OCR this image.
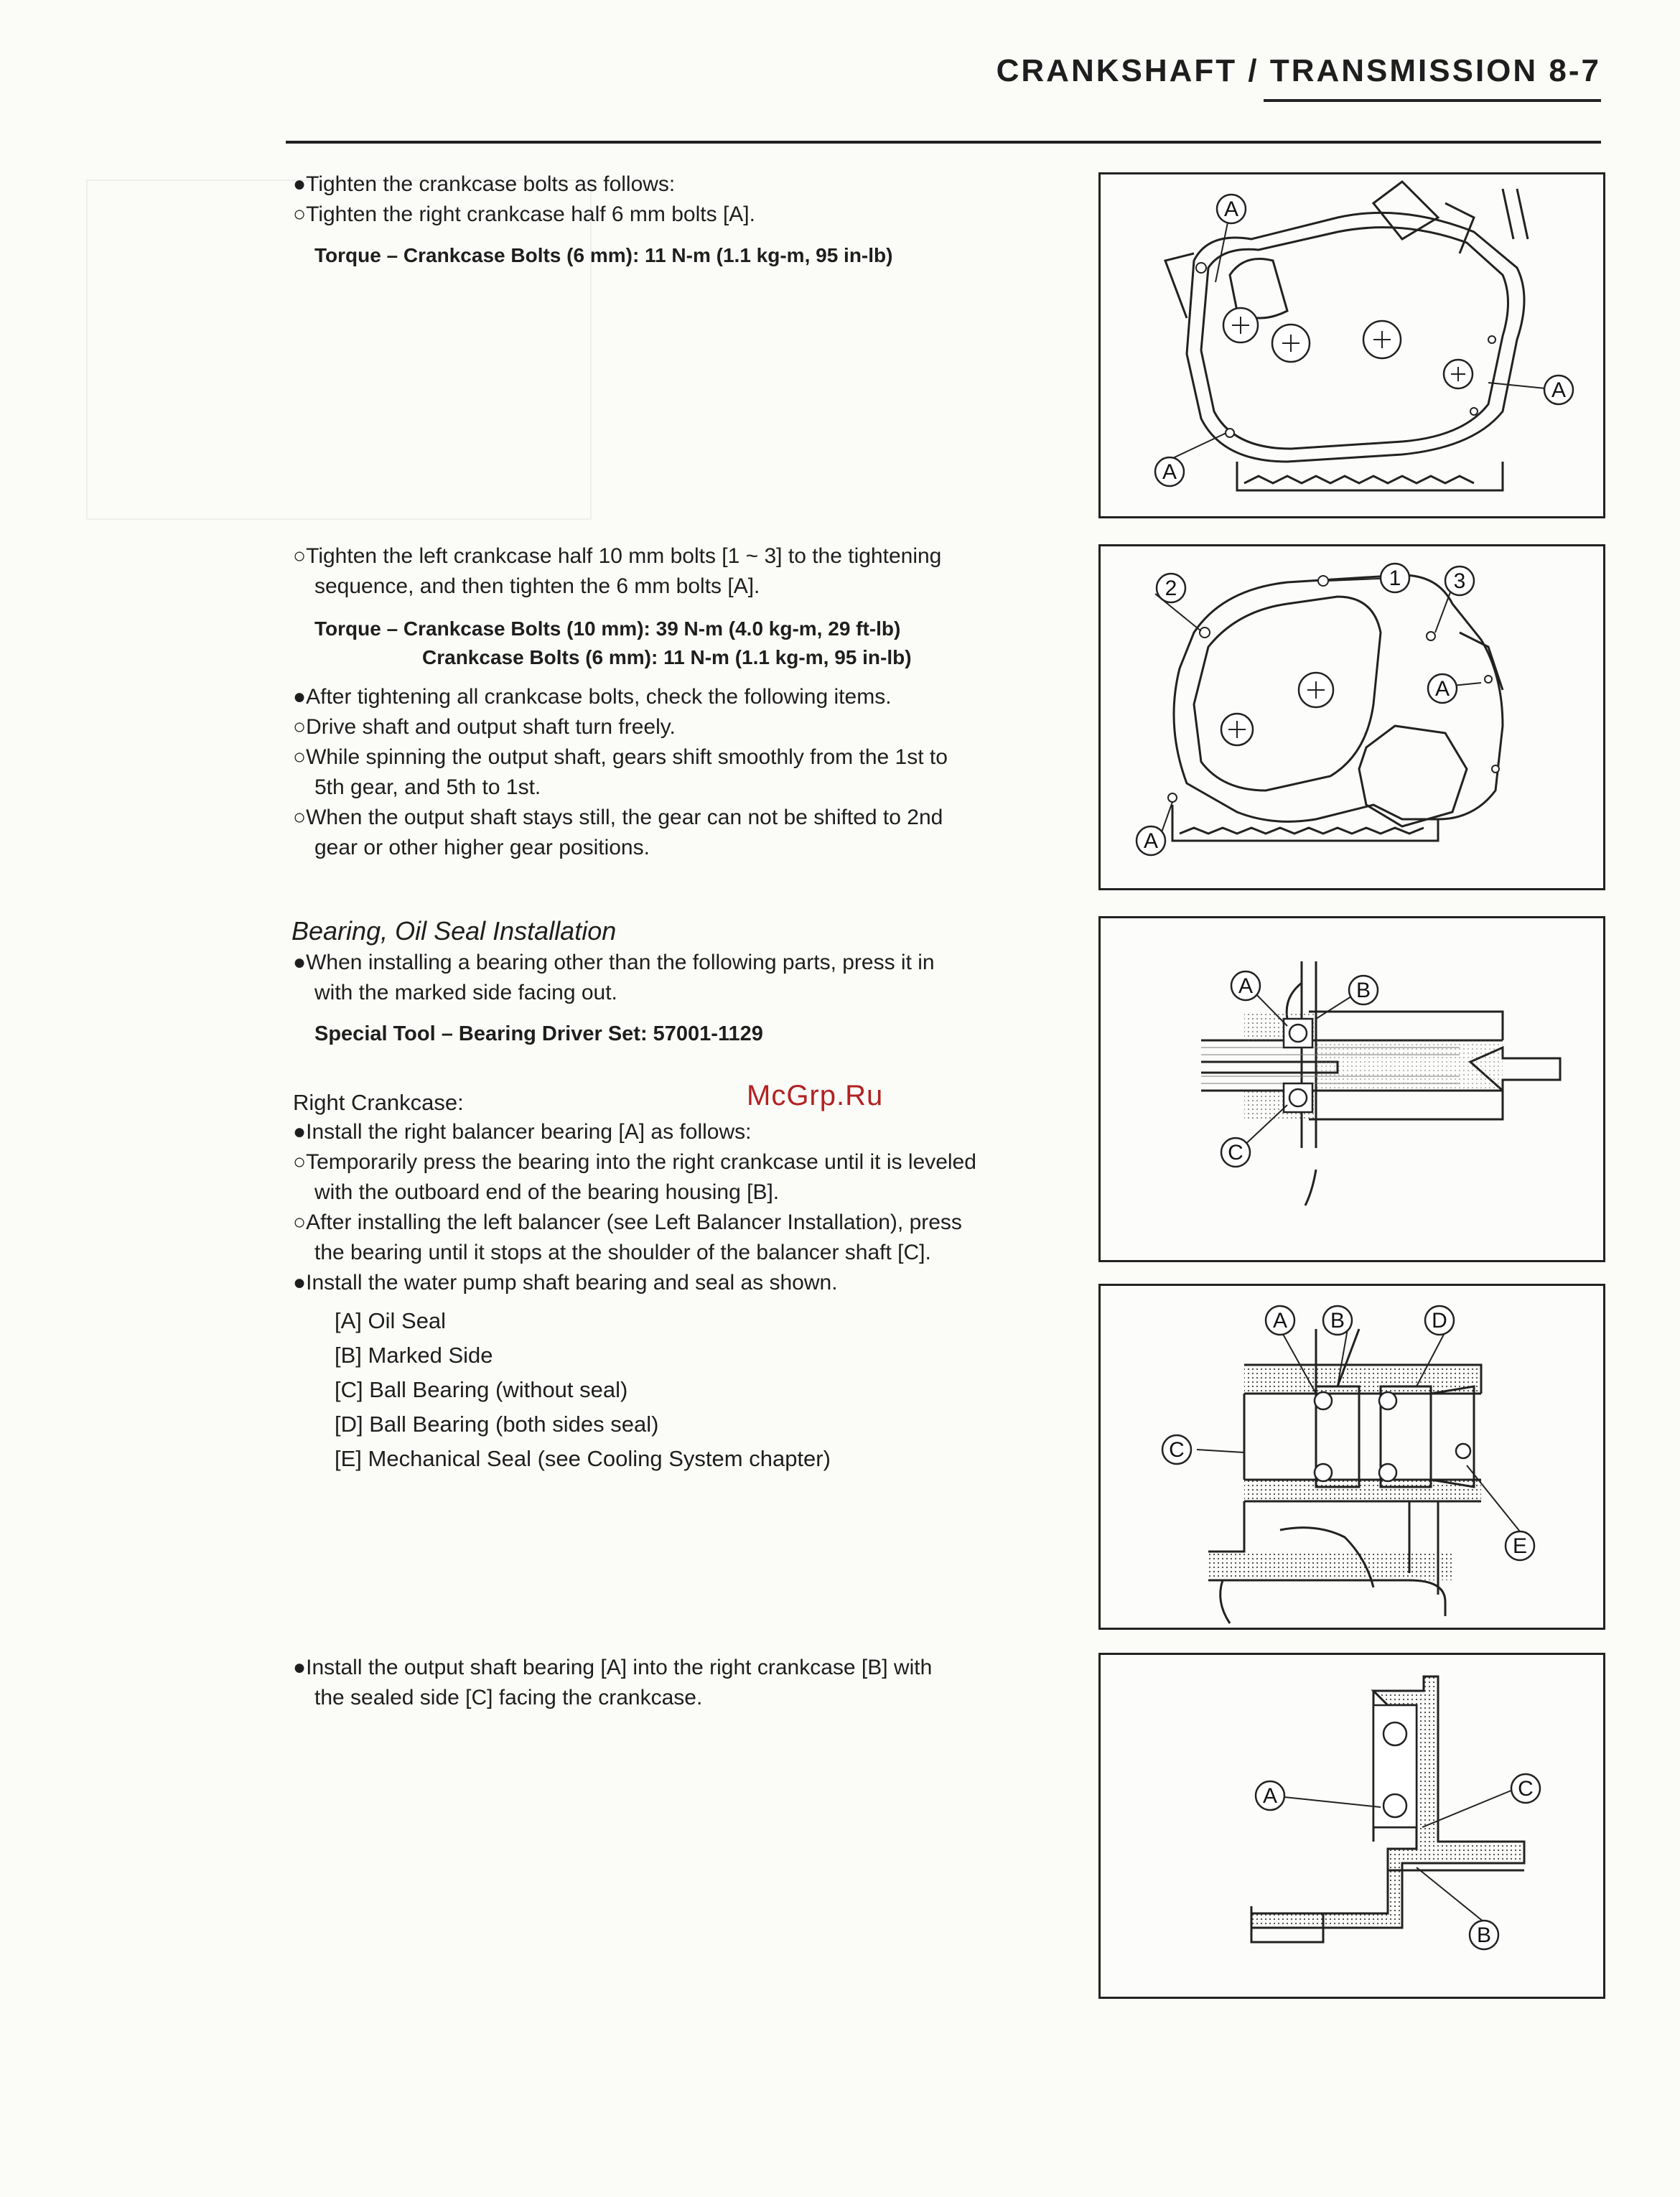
CRANKSHAFT / TRANSMISSION 8-7
●Tighten the crankcase bolts as follows:
○Tighten the right crankcase half 6 mm bolts [A].
Torque – Crankcase Bolts (6 mm): 11 N-m (1.1 kg-m, 95 in-lb)
A
A
A
○Tighten the left crankcase half 10 mm bolts [1 ~ 3] to the tightening
sequence, and then tighten the 6 mm bolts [A].
Torque – Crankcase Bolts (10 mm): 39 N-m (4.0 kg-m, 29 ft-lb)
Crankcase Bolts (6 mm): 11 N-m (1.1 kg-m, 95 in-lb)
●After tightening all crankcase bolts, check the following items.
○Drive shaft and output shaft turn freely.
○While spinning the output shaft, gears shift smoothly from the 1st to
5th gear, and 5th to 1st.
○When the output shaft stays still, the gear can not be shifted to 2nd
gear or other higher gear positions.
1
2	3
A
A
Bearing, Oil Seal Installation
●When installing a bearing other than the following parts, press it in
with the marked side facing out.
Special Tool – Bearing Driver Set: 57001-1129
A	B
C
McGrp.Ru
Right Crankcase:
●Install the right balancer bearing [A] as follows:
○Temporarily press the bearing into the right crankcase until it is leveled
with the outboard end of the bearing housing [B].
○After installing the left balancer (see Left Balancer Installation), press
the bearing until it stops at the shoulder of the balancer shaft [C].
●Install the water pump shaft bearing and seal as shown.
[A] Oil Seal
[B] Marked Side
[C] Ball Bearing (without seal)
[D] Ball Bearing (both sides seal)
[E] Mechanical Seal (see Cooling System chapter)
A B	D
C
E
●Install the output shaft bearing [A] into the right crankcase [B] with
the sealed side [C] facing the crankcase.
A	C
B
